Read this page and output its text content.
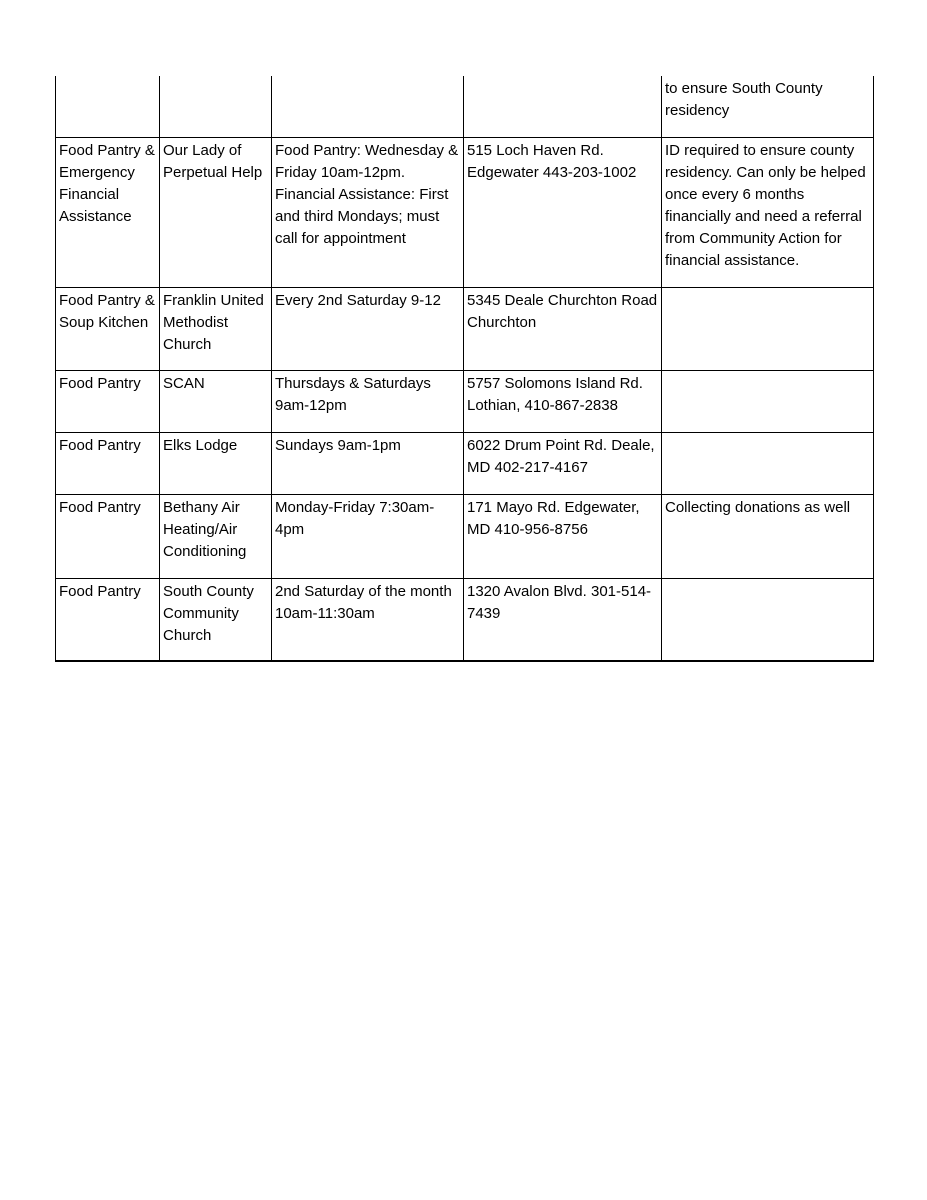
				to ensure South County residency

Food Pantry & Emergency Financial Assistance	Our Lady of Perpetual Help	Food Pantry: Wednesday & Friday 10am-12pm. Financial Assistance: First and third Mondays; must call for appointment	515 Loch Haven Rd. Edgewater 443-203-1002	ID required to ensure county residency. Can only be helped once every 6 months financially and need a referral from Community Action for financial assistance.

Food Pantry & Soup Kitchen	Franklin United Methodist Church	Every 2nd Saturday 9-12	5345 Deale Churchton Road Churchton	

Food Pantry	SCAN	Thursdays & Saturdays 9am-12pm	5757 Solomons Island Rd. Lothian, 410-867-2838	

Food Pantry	Elks Lodge	Sundays 9am-1pm	6022 Drum Point Rd. Deale, MD 402-217-4167	

Food Pantry	Bethany Air Heating/Air Conditioning	Monday-Friday 7:30am-4pm	171 Mayo Rd. Edgewater, MD 410-956-8756	Collecting donations as well

Food Pantry	South County Community Church	2nd Saturday of the month 10am-11:30am	1320 Avalon Blvd. 301-514-7439	
